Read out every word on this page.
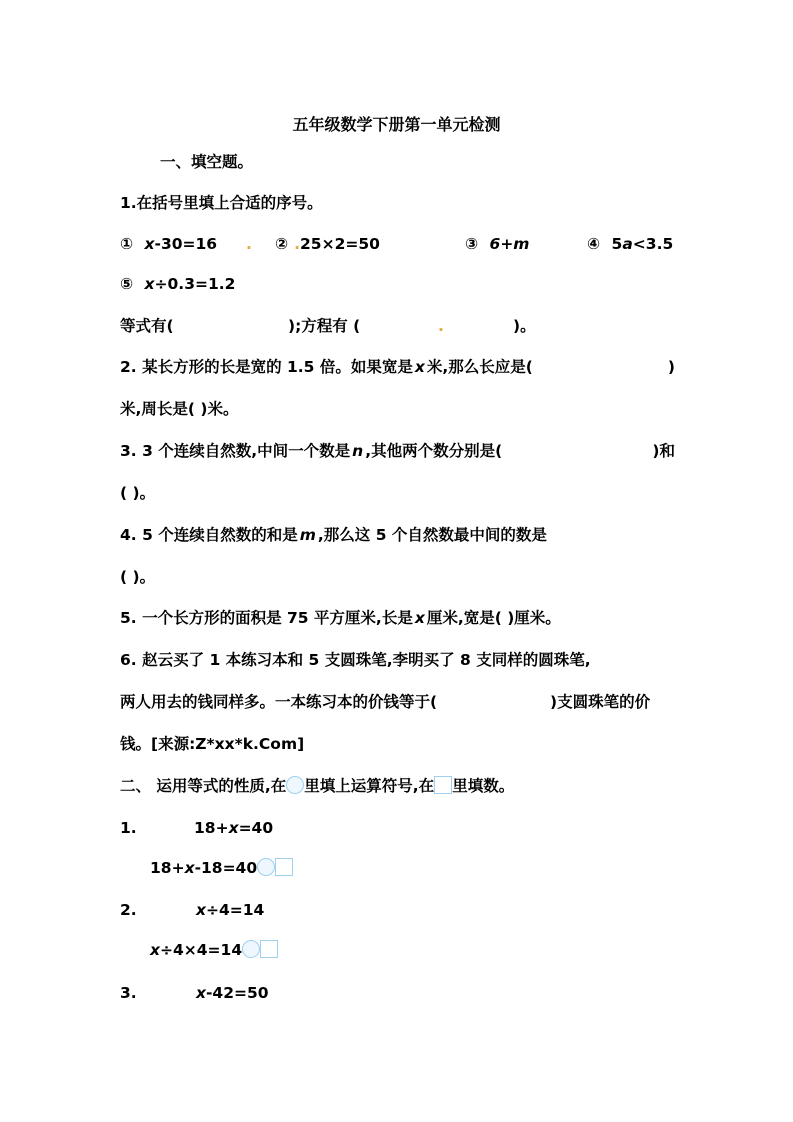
五年级数学下册第一单元检测
一、填空题。
1.在括号里填上合适的序号。
① x-30=16 . ② .25×2=50	③ 6+m	④ 5a<3.5
⑤ x÷0.3=1.2
等式有(	);方程有 (	.	)。
2. 某长方形的长是宽的 1.5 倍。如果宽是 x 米,那么长应是(	)
米,周长是( )米。
3. 3 个连续自然数,中间一个数是 n ,其他两个数分别是(	)和
( )。
4. 5 个连续自然数的和是 m ,那么这 5 个自然数最中间的数是
( )。
5. 一个长方形的面积是 75 平方厘米,长是 x 厘米,宽是( )厘米。
6. 赵云买了 1 本练习本和 5 支圆珠笔,李明买了 8 支同样的圆珠笔,
两人用去的钱同样多。一本练习本的价钱等于(	)支圆珠笔的价
钱。[来源:Z*xx*k.Com]
二、 运用等式的性质,在 里填上运算符号,在 里填数。
1.	18+x=40
18+x-18=40
2.	x÷4=14
x÷4×4=14
3.	x-42=50
